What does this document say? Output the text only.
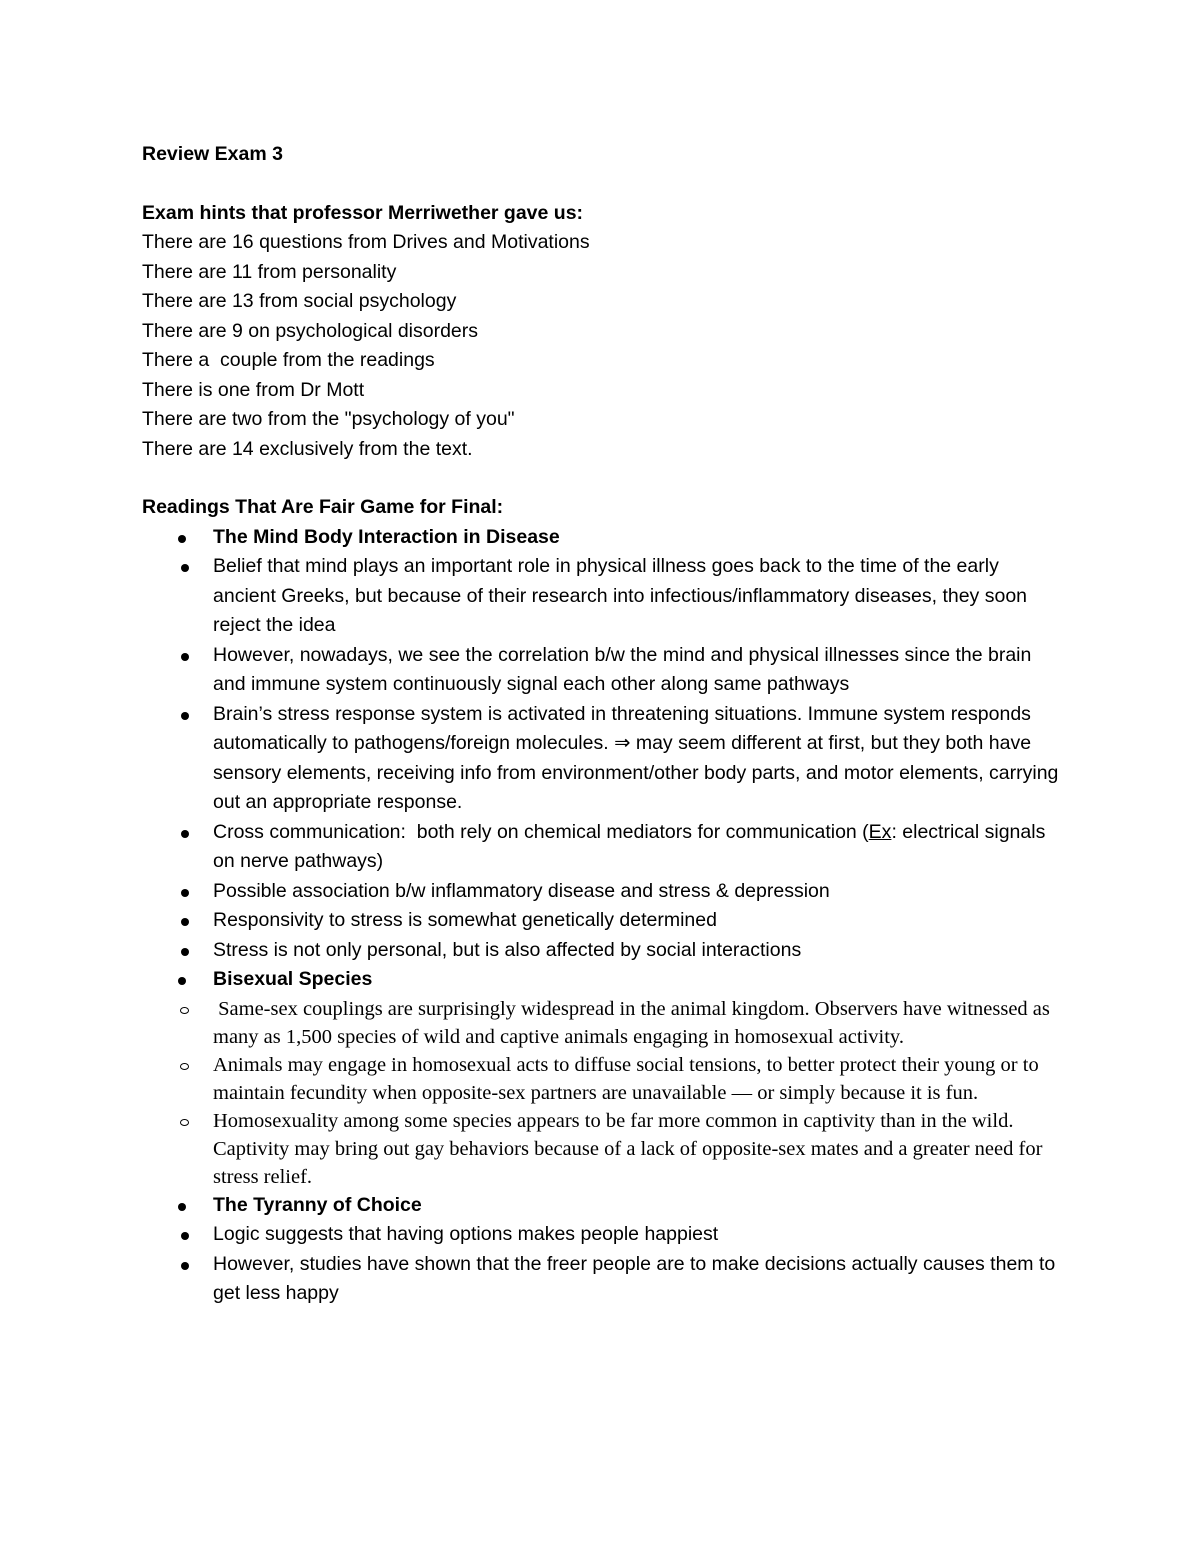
Review Exam 3
Exam hints that professor Merriwether gave us:
There are 16 questions from Drives and Motivations
There are 11 from personality
There are 13 from social psychology
There are 9 on psychological disorders
There a  couple from the readings
There is one from Dr Mott
There are two from the "psychology of you"
There are 14 exclusively from the text.
Readings That Are Fair Game for Final:
The Mind Body Interaction in Disease
Belief that mind plays an important role in physical illness goes back to the time of the early ancient Greeks, but because of their research into infectious/inflammatory diseases, they soon reject the idea
However, nowadays, we see the correlation b/w the mind and physical illnesses since the brain and immune system continuously signal each other along same pathways
Brain’s stress response system is activated in threatening situations. Immune system responds automatically to pathogens/foreign molecules. ⇒ may seem different at first, but they both have sensory elements, receiving info from environment/other body parts, and motor elements, carrying out an appropriate response.
Cross communication:  both rely on chemical mediators for communication (Ex: electrical signals on nerve pathways)
Possible association b/w inflammatory disease and stress & depression
Responsivity to stress is somewhat genetically determined
Stress is not only personal, but is also affected by social interactions
Bisexual Species
Same-sex couplings are surprisingly widespread in the animal kingdom. Observers have witnessed as many as 1,500 species of wild and captive animals engaging in homosexual activity.
Animals may engage in homosexual acts to diffuse social tensions, to better protect their young or to maintain fecundity when opposite-sex partners are unavailable — or simply because it is fun.
Homosexuality among some species appears to be far more common in captivity than in the wild. Captivity may bring out gay behaviors because of a lack of opposite-sex mates and a greater need for stress relief.
The Tyranny of Choice
Logic suggests that having options makes people happiest
However, studies have shown that the freer people are to make decisions actually causes them to get less happy
